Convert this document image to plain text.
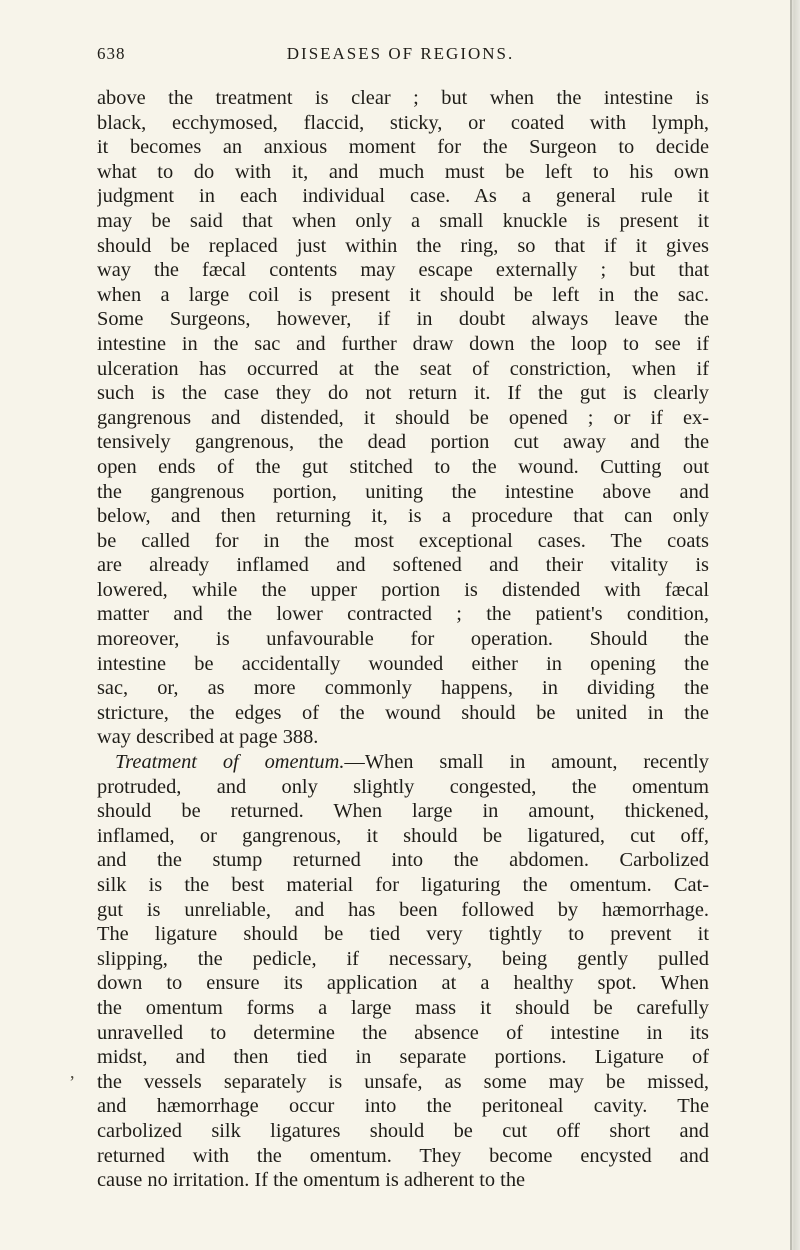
638	DISEASES OF REGIONS.
above the treatment is clear ; but when the intestine is
black, ecchymosed, flaccid, sticky, or coated with lymph,
it becomes an anxious moment for the Surgeon to decide
what to do with it, and much must be left to his own
judgment in each individual case. As a general rule it
may be said that when only a small knuckle is present it
should be replaced just within the ring, so that if it gives
way the fæcal contents may escape externally ; but that
when a large coil is present it should be left in the sac.
Some Surgeons, however, if in doubt always leave the
intestine in the sac and further draw down the loop to see if
ulceration has occurred at the seat of constriction, when if
such is the case they do not return it. If the gut is clearly
gangrenous and distended, it should be opened ; or if ex-
tensively gangrenous, the dead portion cut away and the
open ends of the gut stitched to the wound. Cutting out
the gangrenous portion, uniting the intestine above and
below, and then returning it, is a procedure that can only
be called for in the most exceptional cases. The coats
are already inflamed and softened and their vitality is
lowered, while the upper portion is distended with fæcal
matter and the lower contracted ; the patient's condition,
moreover, is unfavourable for operation. Should the
intestine be accidentally wounded either in opening the
sac, or, as more commonly happens, in dividing the
stricture, the edges of the wound should be united in the
way described at page 388.
Treatment of omentum.—When small in amount, recently
protruded, and only slightly congested, the omentum
should be returned. When large in amount, thickened,
inflamed, or gangrenous, it should be ligatured, cut off,
and the stump returned into the abdomen. Carbolized
silk is the best material for ligaturing the omentum. Cat-
gut is unreliable, and has been followed by hæmorrhage.
The ligature should be tied very tightly to prevent it
slipping, the pedicle, if necessary, being gently pulled
down to ensure its application at a healthy spot. When
the omentum forms a large mass it should be carefully
unravelled to determine the absence of intestine in its
midst, and then tied in separate portions. Ligature of
the vessels separately is unsafe, as some may be missed,
and hæmorrhage occur into the peritoneal cavity. The
carbolized silk ligatures should be cut off short and
returned with the omentum. They become encysted and
cause no irritation. If the omentum is adherent to the
,
